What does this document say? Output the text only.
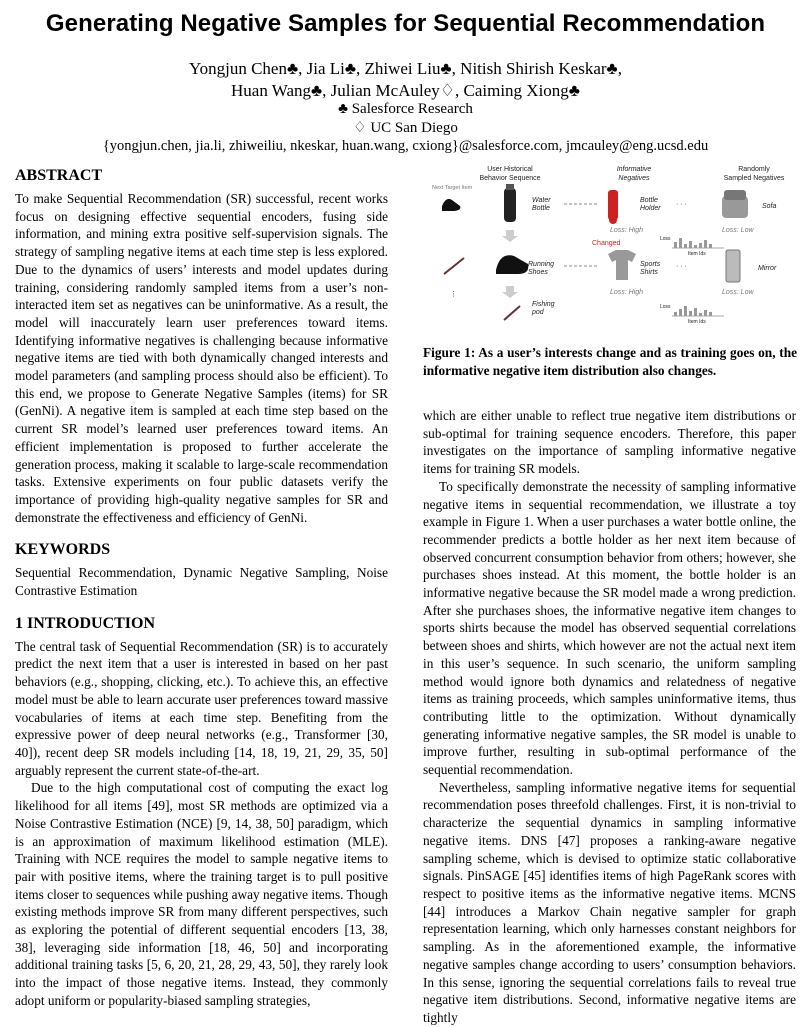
Generating Negative Samples for Sequential Recommendation
Yongjun Chen♣, Jia Li♣, Zhiwei Liu♣, Nitish Shirish Keskar♣,
Huan Wang♣, Julian McAuley♢, Caiming Xiong♣
♣ Salesforce Research
♢ UC San Diego
{yongjun.chen, jia.li, zhiweiliu, nkeskar, huan.wang, cxiong}@salesforce.com, jmcauley@eng.ucsd.edu
ABSTRACT

To make Sequential Recommendation (SR) successful, recent works focus on designing effective sequential encoders, fusing side information, and mining extra positive self-supervision signals. The strategy of sampling negative items at each time step is less explored. Due to the dynamics of users’ interests and model updates during training, considering randomly sampled items from a user’s non-interacted item set as negatives can be uninformative. As a result, the model will inaccurately learn user preferences toward items. Identifying informative negatives is challenging because informative negative items are tied with both dynamically changed interests and model parameters (and sampling process should also be efficient). To this end, we propose to Generate Negative Samples (items) for SR (GenNi). A negative item is sampled at each time step based on the current SR model’s learned user preferences toward items. An efficient implementation is proposed to further accelerate the generation process, making it scalable to large-scale recommendation tasks. Extensive experiments on four public datasets verify the importance of providing high-quality negative samples for SR and demonstrate the effectiveness and efficiency of GenNi.

KEYWORDS

Sequential Recommendation, Dynamic Negative Sampling, Noise Contrastive Estimation

1 INTRODUCTION

The central task of Sequential Recommendation (SR) is to accurately predict the next item that a user is interested in based on her past behaviors (e.g., shopping, clicking, etc.). To achieve this, an effective model must be able to learn accurate user preferences toward massive vocabularies of items at each time step. Benefiting from the expressive power of deep neural networks (e.g., Transformer [30, 40]), recent deep SR models including [14, 18, 19, 21, 29, 35, 50] arguably represent the current state-of-the-art.

Due to the high computational cost of computing the exact log likelihood for all items [49], most SR methods are optimized via a Noise Contrastive Estimation (NCE) [9, 14, 38, 50] paradigm, which is an approximation of maximum likelihood estimation (MLE). Training with NCE requires the model to sample negative items to pair with positive items, where the training target is to pull positive items closer to sequences while pushing away negative items. Though existing methods improve SR from many different perspectives, such as exploring the potential of different sequential encoders [13, 38, 38], leveraging side information [18, 46, 50] and incorporating additional training tasks [5, 6, 20, 21, 28, 29, 43, 50], they rarely look into the impact of those negative items. Instead, they commonly adopt uniform or popularity-biased sampling strategies,

User Historical
Behavior Sequence
Informative
Negatives
Randomly
Sampled Negatives
Next Target Item
Water
Bottle
Bottle
Holder
· · ·	Sofa
Loss: High	Loss: Low
Running
Shoes
Changed
Sports
Shirts
· · ·	Mirror
Loss: High	Loss: Low
Loss
Item Ids
Loss
Item Ids
Fishing
pod
⋮
Figure 1: As a user’s interests change and as training goes on, the informative negative item distribution also changes.

which are either unable to reflect true negative item distributions or sub-optimal for training sequence encoders. Therefore, this paper investigates on the importance of sampling informative negative items for training SR models.

To specifically demonstrate the necessity of sampling informative negative items in sequential recommendation, we illustrate a toy example in Figure 1. When a user purchases a water bottle online, the recommender predicts a bottle holder as her next item because of observed concurrent consumption behavior from others; however, she purchases shoes instead. At this moment, the bottle holder is an informative negative because the SR model made a wrong prediction. After she purchases shoes, the informative negative item changes to sports shirts because the model has observed sequential correlations between shoes and shirts, which however are not the actual next item in this user’s sequence. In such scenario, the uniform sampling method would ignore both dynamics and relatedness of negative items as training proceeds, which samples uninformative items, thus contributing little to the optimization. Without dynamically generating informative negative samples, the SR model is unable to improve further, resulting in sub-optimal performance of the sequential recommendation.

Nevertheless, sampling informative negative items for sequential recommendation poses threefold challenges. First, it is non-trivial to characterize the sequential dynamics in sampling informative negative items. DNS [47] proposes a ranking-aware negative sampling scheme, which is devised to optimize static collaborative signals. PinSAGE [45] identifies items of high PageRank scores with respect to positive items as the informative negative items. MCNS [44] introduces a Markov Chain negative sampler for graph representation learning, which only harnesses constant neighbors for sampling. As in the aforementioned example, the informative negative samples change according to users’ consumption behaviors. In this sense, ignoring the sequential correlations fails to reveal true negative item distributions. Second, informative negative items are tightly
